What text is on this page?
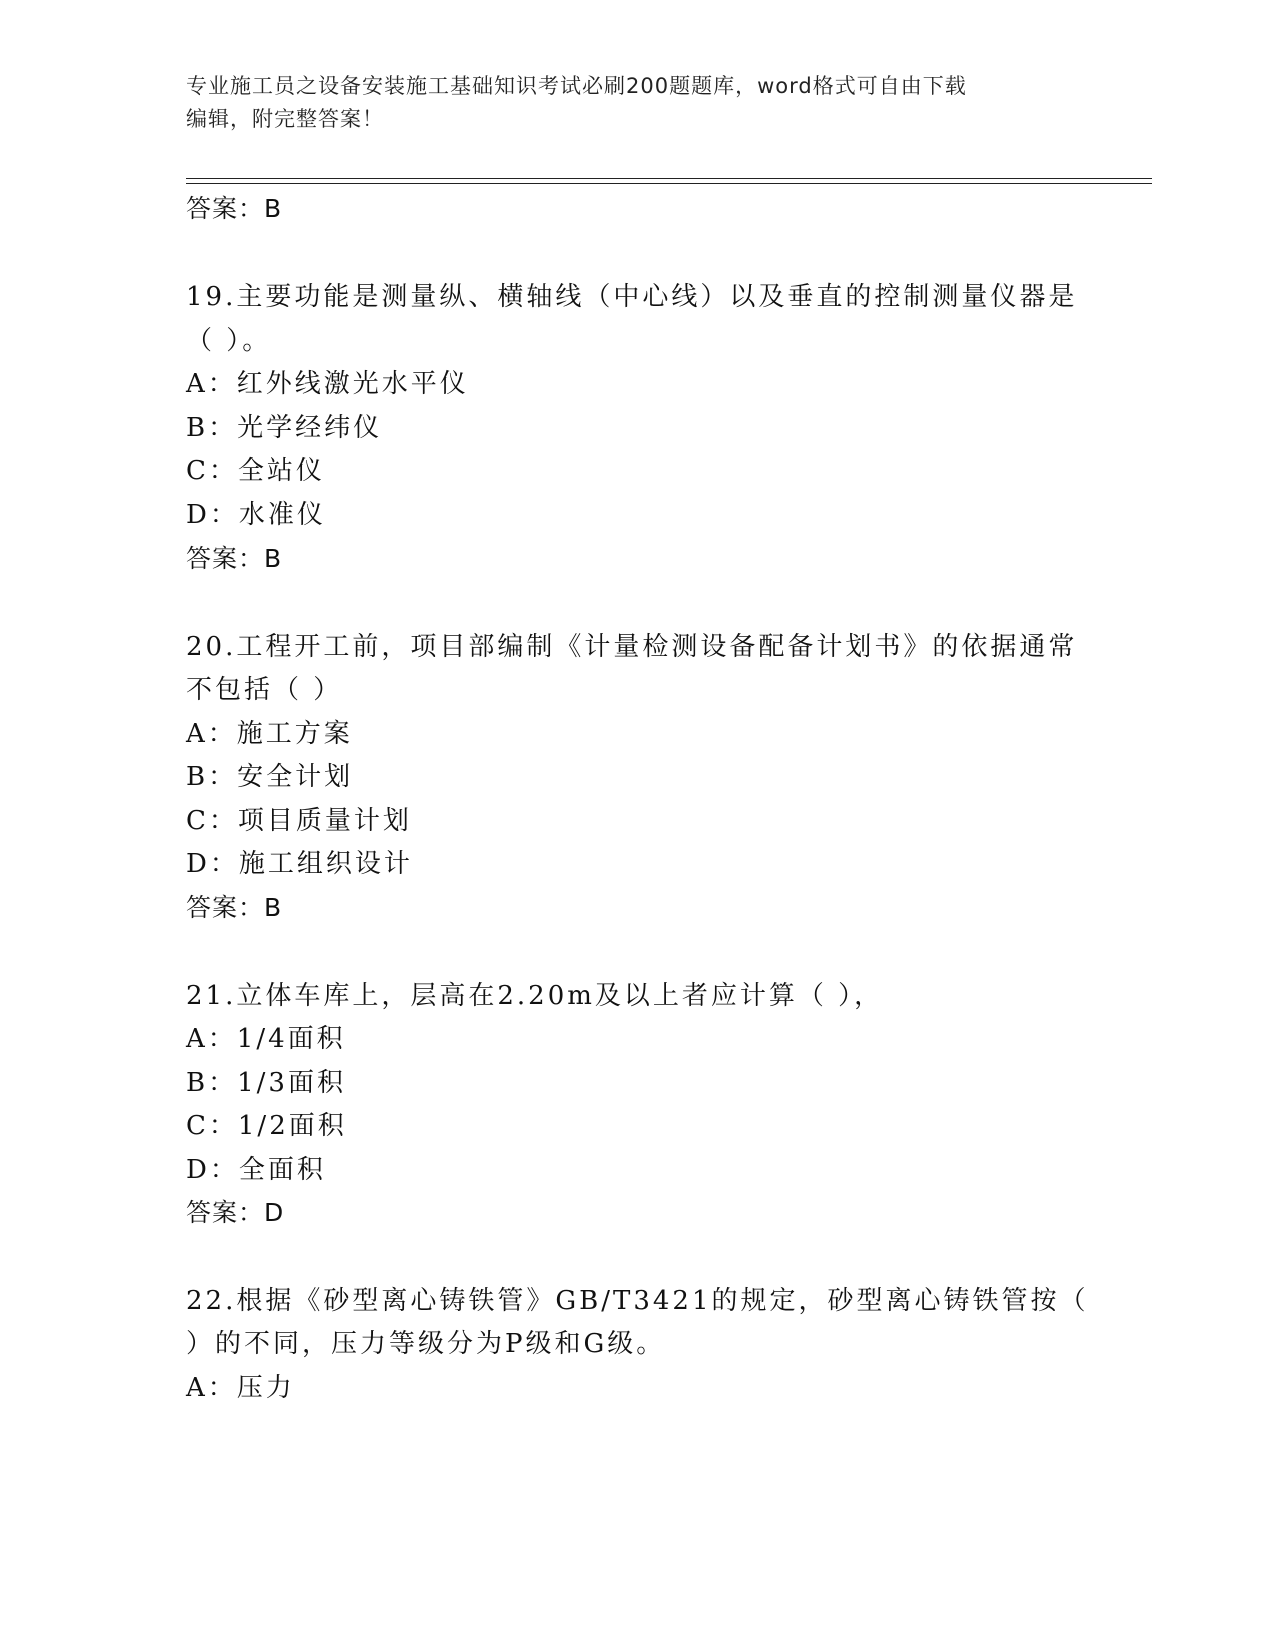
专业施工员之设备安装施工基础知识考试必刷200题题库，word格式可自由下载
编辑，附完整答案！
答案：B
19.主要功能是测量纵、横轴线（中心线）以及垂直的控制测量仪器是
（ ）。
A：红外线激光水平仪
B：光学经纬仪
C：全站仪
D：水准仪
答案：B
20.工程开工前，项目部编制《计量检测设备配备计划书》的依据通常
不包括（ ）
A：施工方案
B：安全计划
C：项目质量计划
D：施工组织设计
答案：B
21.立体车库上，层高在2.20m及以上者应计算（ ），
A：1/4面积
B：1/3面积
C：1/2面积
D：全面积
答案：D
22.根据《砂型离心铸铁管》GB/T3421的规定，砂型离心铸铁管按（
）的不同，压力等级分为P级和G级。
A：压力
